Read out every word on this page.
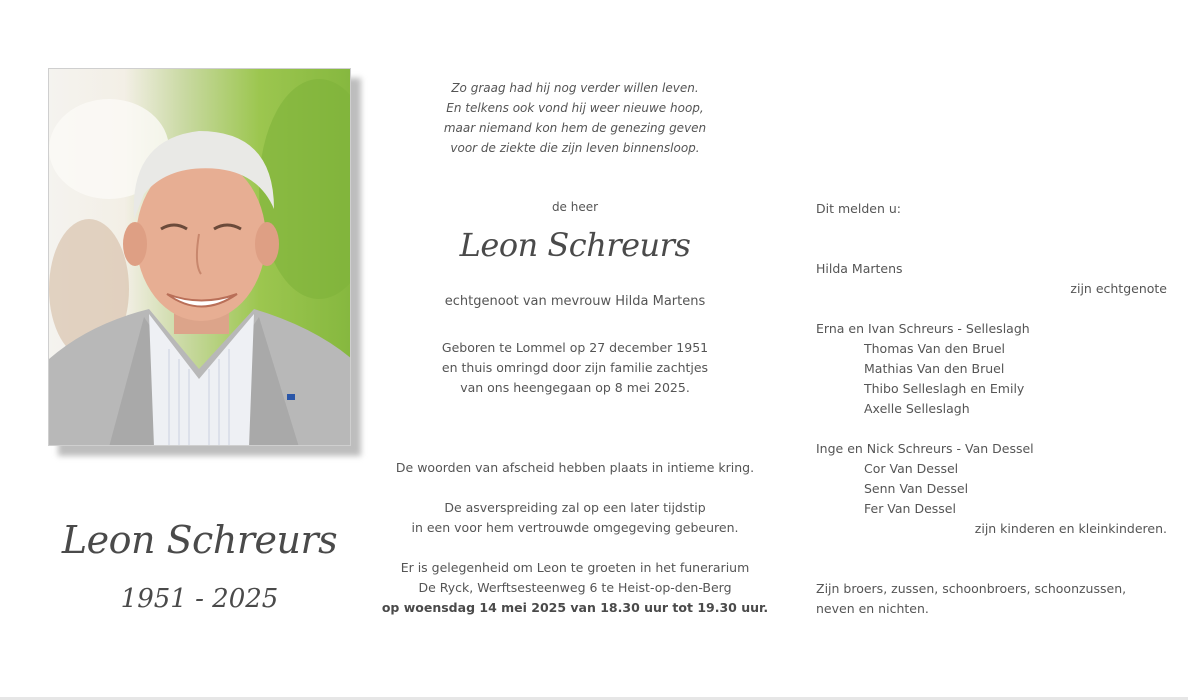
Leon Schreurs
1951 - 2025
Zo graag had hij nog verder willen leven.
En telkens ook vond hij weer nieuwe hoop,
maar niemand kon hem de genezing geven
voor de ziekte die zijn leven binnensloop.
de heer
Leon Schreurs
echtgenoot van mevrouw Hilda Martens
Geboren te Lommel op 27 december 1951
en thuis omringd door zijn familie zachtjes
van ons heengegaan op 8 mei 2025.
De woorden van afscheid hebben plaats in intieme kring.
De asverspreiding zal op een later tijdstip
in een voor hem vertrouwde omgegeving gebeuren.
Er is gelegenheid om Leon te groeten in het funerarium
De Ryck, Werftsesteenweg 6 te Heist-op-den-Berg
op woensdag 14 mei 2025 van 18.30 uur tot 19.30 uur.
Dit melden u:
Hilda Martens
zijn echtgenote
Erna en Ivan Schreurs - Selleslagh
Thomas Van den Bruel
Mathias Van den Bruel
Thibo Selleslagh en Emily
Axelle Selleslagh
Inge en Nick Schreurs - Van Dessel
Cor Van Dessel
Senn Van Dessel
Fer Van Dessel
zijn kinderen en kleinkinderen.
Zijn broers, zussen, schoonbroers, schoonzussen,
neven en nichten.
